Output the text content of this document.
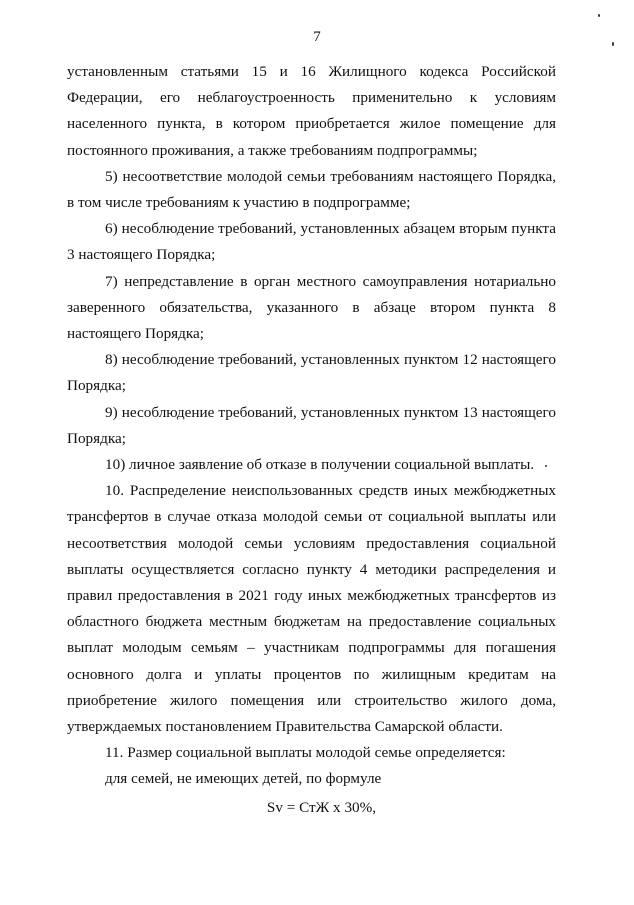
7

установленным статьями 15 и 16 Жилищного кодекса Российской Федерации, его неблагоустроенность применительно к условиям населенного пункта, в котором приобретается жилое помещение для постоянного проживания, а также требованиям подпрограммы;

5) несоответствие молодой семьи требованиям настоящего Порядка, в том числе требованиям к участию в подпрограмме;

6) несоблюдение требований, установленных абзацем вторым пункта 3 настоящего Порядка;

7) непредставление в орган местного самоуправления нотариально заверенного обязательства, указанного в абзаце втором пункта 8 настоящего Порядка;

8) несоблюдение требований, установленных пунктом 12 настоящего Порядка;

9) несоблюдение требований, установленных пунктом 13 настоящего Порядка;

10) личное заявление об отказе в получении социальной выплаты.

10. Распределение неиспользованных средств иных межбюджетных трансфертов в случае отказа молодой семьи от социальной выплаты или несоответствия молодой семьи условиям предоставления социальной выплаты осуществляется согласно пункту 4 методики распределения и правил предоставления в 2021 году иных межбюджетных трансфертов из областного бюджета местным бюджетам на предоставление социальных выплат молодым семьям – участникам подпрограммы для погашения основного долга и уплаты процентов по жилищным кредитам на приобретение жилого помещения или строительство жилого дома, утверждаемых постановлением Правительства Самарской области.

11. Размер социальной выплаты молодой семье определяется:

для семей, не имеющих детей, по формуле

Sv = СтЖ x 30%,
